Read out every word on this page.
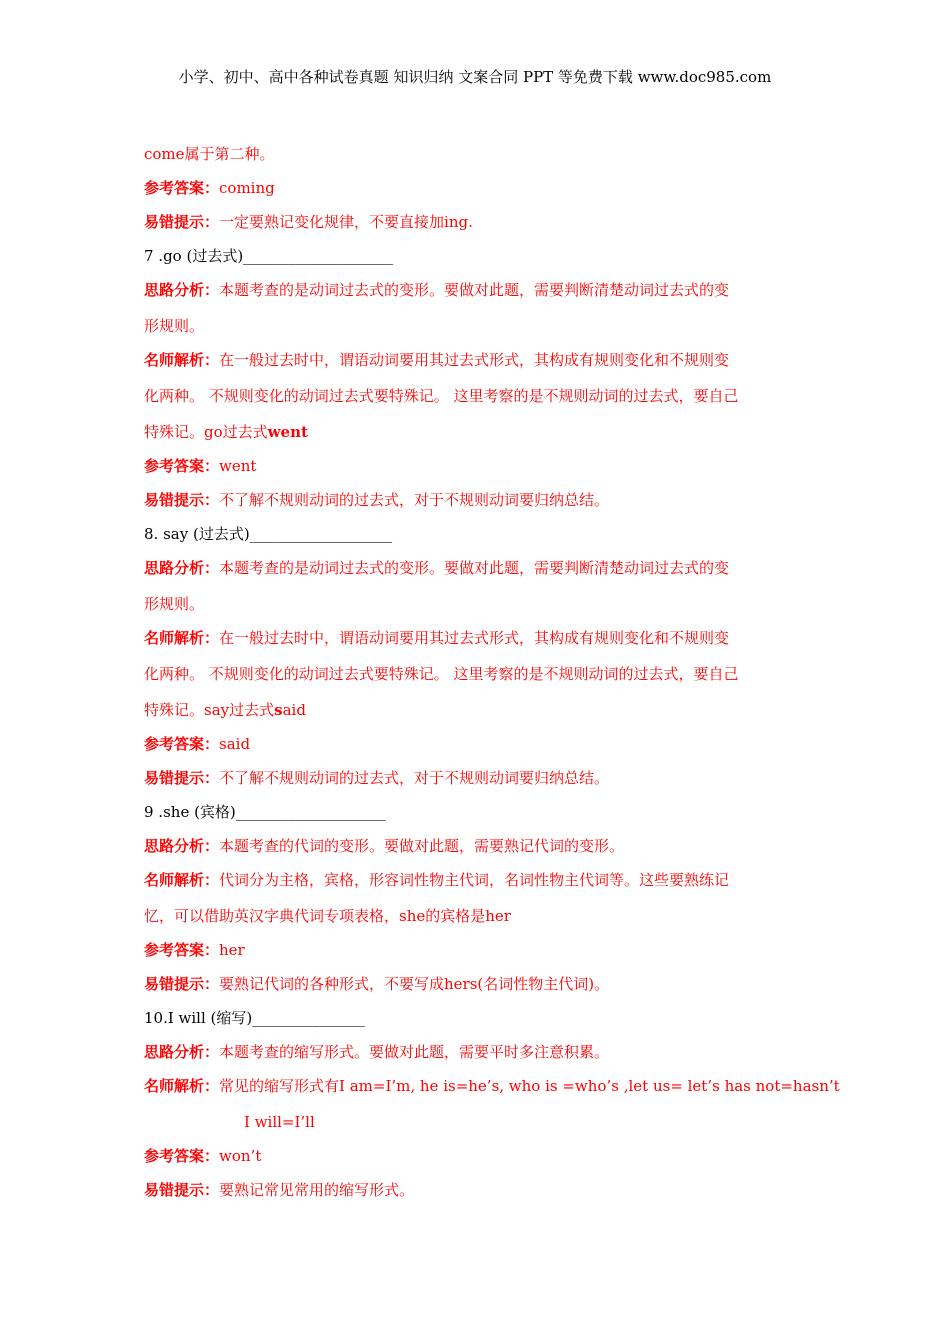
小学、初中、高中各种试卷真题 知识归纳 文案合同 PPT 等免费下载 www.doc985.com

come属于第二种。

参考答案：coming

易错提示：一定要熟记变化规律，不要直接加ing.

7 .go (过去式)____________________

思路分析：本题考查的是动词过去式的变形。要做对此题，需要判断清楚动词过去式的变

形规则。

名师解析：在一般过去时中，谓语动词要用其过去式形式，其构成有规则变化和不规则变

化两种。 不规则变化的动词过去式要特殊记。 这里考察的是不规则动词的过去式，要自己

特殊记。go过去式went

参考答案：went

易错提示：不了解不规则动词的过去式，对于不规则动词要归纳总结。

8. say (过去式)___________________

思路分析：本题考查的是动词过去式的变形。要做对此题，需要判断清楚动词过去式的变

形规则。

名师解析：在一般过去时中，谓语动词要用其过去式形式，其构成有规则变化和不规则变

化两种。 不规则变化的动词过去式要特殊记。 这里考察的是不规则动词的过去式，要自己

特殊记。say过去式said

参考答案：said

易错提示：不了解不规则动词的过去式，对于不规则动词要归纳总结。

9 .she (宾格)____________________

思路分析：本题考查的代词的变形。要做对此题，需要熟记代词的变形。

名师解析：代词分为主格，宾格，形容词性物主代词，名词性物主代词等。这些要熟练记

忆，可以借助英汉字典代词专项表格，she的宾格是her

参考答案：her

易错提示：要熟记代词的各种形式，不要写成hers(名词性物主代词)。

10.I will (缩写)_______________

思路分析：本题考查的缩写形式。要做对此题，需要平时多注意积累。

名师解析：常见的缩写形式有I am=I’m, he is=he’s, who is =who’s ,let us= let’s has not=hasn’t

I will=I’ll

参考答案：won’t

易错提示：要熟记常见常用的缩写形式。
